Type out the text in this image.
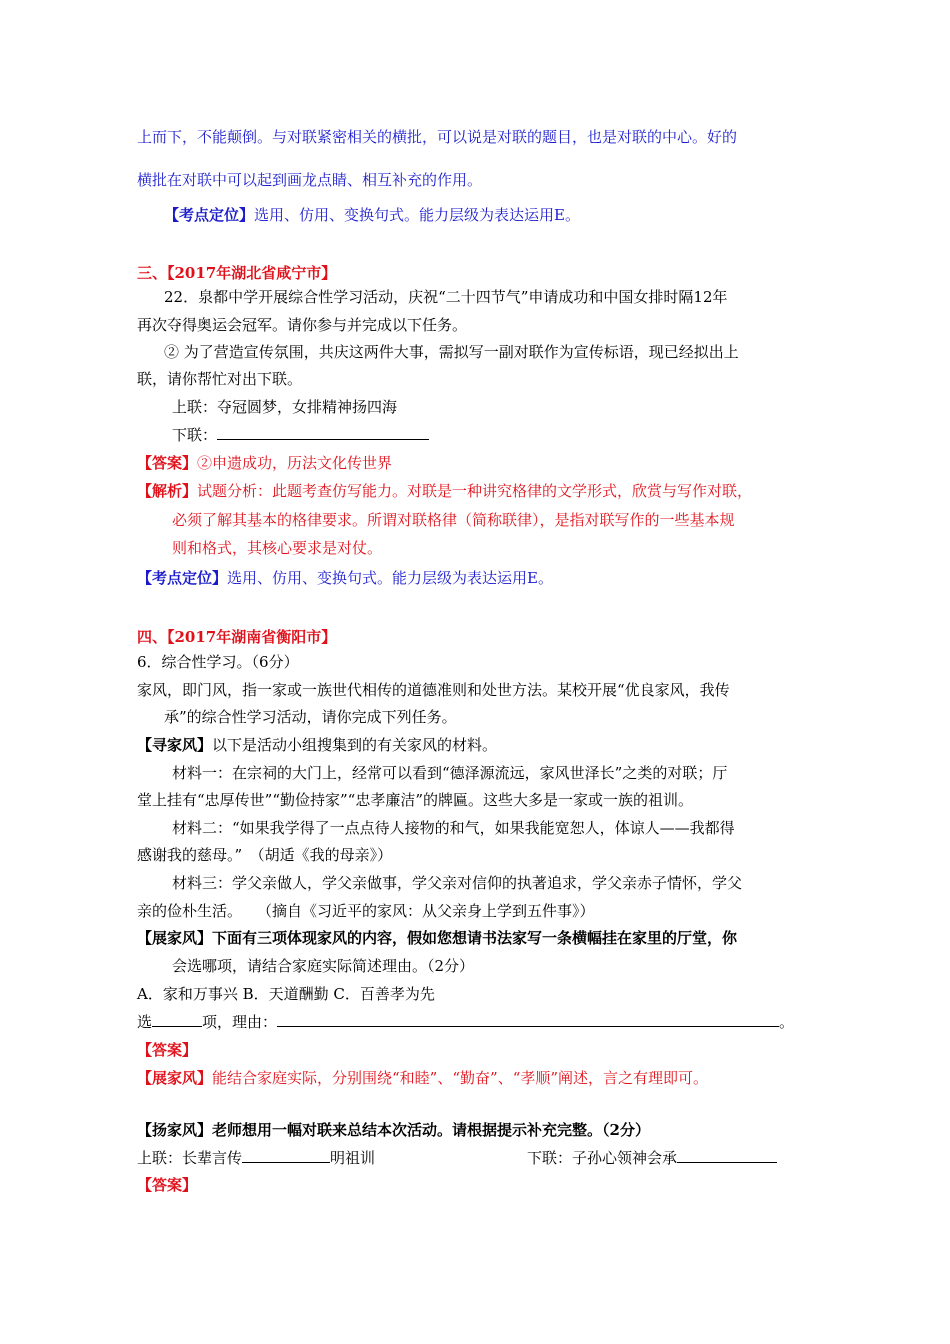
上而下，不能颠倒。与对联紧密相关的横批，可以说是对联的题目，也是对联的中心。好的
横批在对联中可以起到画龙点睛、相互补充的作用。
【考点定位】选用、仿用、变换句式。能力层级为表达运用E。
三、【2017年湖北省咸宁市】
22．泉都中学开展综合性学习活动，庆祝“二十四节气”申请成功和中国女排时隔12年
再次夺得奥运会冠军。请你参与并完成以下任务。
② 为了营造宣传氛围，共庆这两件大事，需拟写一副对联作为宣传标语，现已经拟出上
联，请你帮忙对出下联。
上联：夺冠圆梦，女排精神扬四海
下联：
【答案】②申遗成功，历法文化传世界
【解析】试题分析：此题考查仿写能力。对联是一种讲究格律的文学形式，欣赏与写作对联，
必须了解其基本的格律要求。所谓对联格律（简称联律），是指对联写作的一些基本规
则和格式，其核心要求是对仗。
【考点定位】选用、仿用、变换句式。能力层级为表达运用E。
四、【2017年湖南省衡阳市】
6．综合性学习。（6分）
家风，即门风，指一家或一族世代相传的道德准则和处世方法。某校开展“优良家风，我传
承”的综合性学习活动，请你完成下列任务。
【寻家风】以下是活动小组搜集到的有关家风的材料。
材料一：在宗祠的大门上，经常可以看到“德泽源流远，家风世泽长”之类的对联；厅
堂上挂有“忠厚传世”“勤俭持家”“忠孝廉洁”的牌匾。这些大多是一家或一族的祖训。
材料二：“如果我学得了一点点待人接物的和气，如果我能宽恕人，体谅人——我都得
感谢我的慈母。”　（胡适《我的母亲》）
材料三：学父亲做人，学父亲做事，学父亲对信仰的执著追求，学父亲赤子情怀，学父
亲的俭朴生活。　　（摘自《习近平的家风：从父亲身上学到五件事》）
【展家风】下面有三项体现家风的内容，假如您想请书法家写一条横幅挂在家里的厅堂，你
会选哪项，请结合家庭实际简述理由。（2分）
A．家和万事兴 B．天道酬勤 C．百善孝为先
选	项，理由：	。
【答案】
【展家风】能结合家庭实际，分别围绕“和睦”、“勤奋”、“孝顺”阐述，言之有理即可。
【扬家风】老师想用一幅对联来总结本次活动。请根据提示补充完整。（2分）
上联：长辈言传	明祖训	下联：子孙心领神会承
【答案】
